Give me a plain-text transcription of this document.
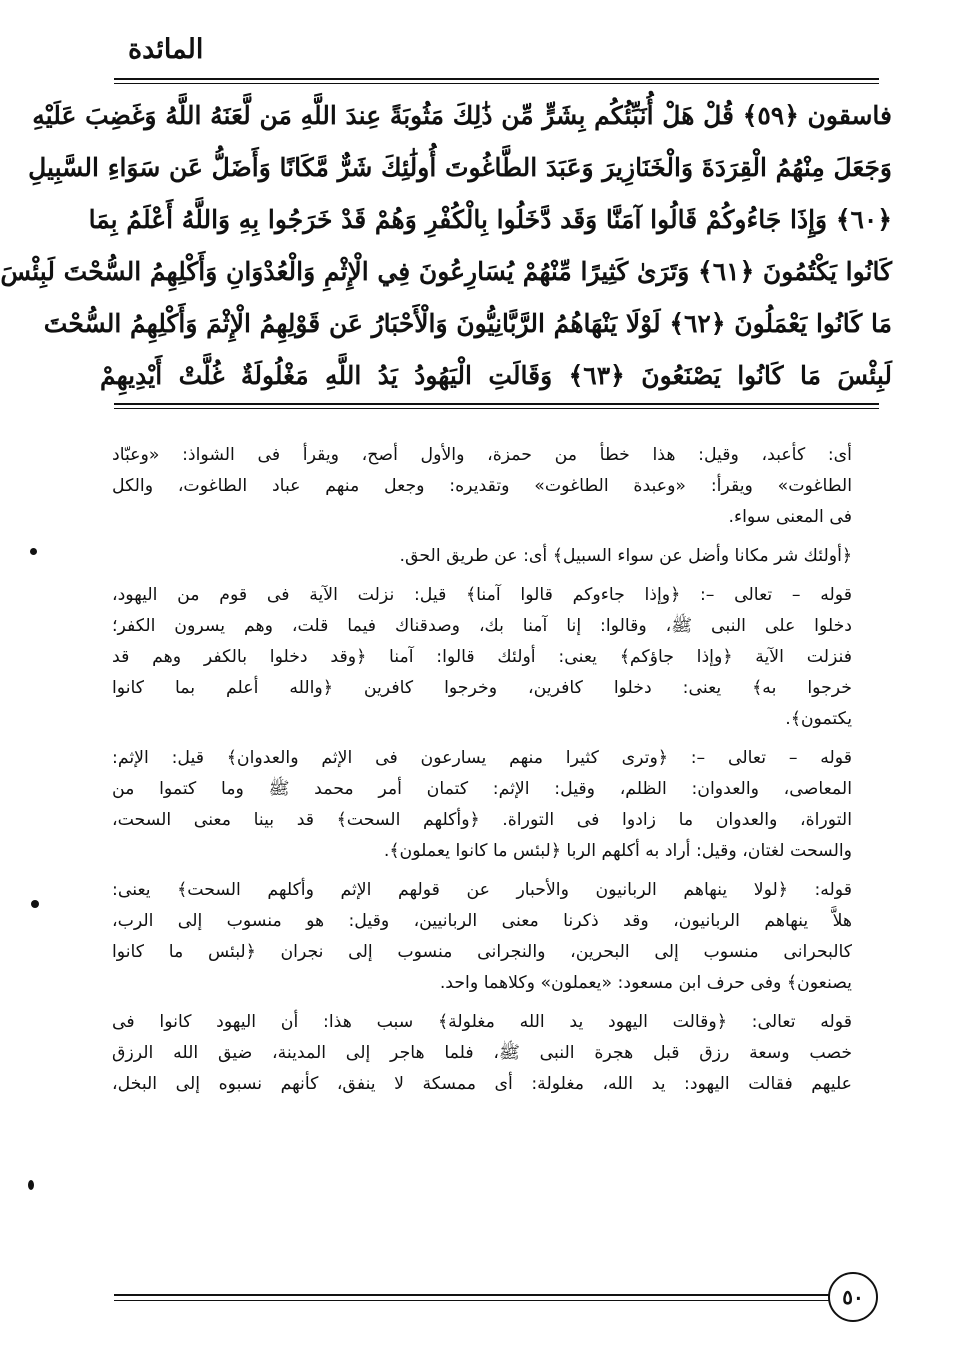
المائدة
فاسقون ﴿٥٩﴾ قُلْ هَلْ أُنَبِّئُكُم بِشَرٍّ مِّن ذَٰلِكَ مَثُوبَةً عِندَ اللَّهِ مَن لَّعَنَهُ اللَّهُ وَغَضِبَ عَلَيْهِ
وَجَعَلَ مِنْهُمُ الْقِرَدَةَ وَالْخَنَازِيرَ وَعَبَدَ الطَّاغُوتَ أُولَٰئِكَ شَرٌّ مَّكَانًا وَأَضَلُّ عَن سَوَاءِ السَّبِيلِ
﴿٦٠﴾ وَإِذَا جَاءُوكُمْ قَالُوا آمَنَّا وَقَد دَّخَلُوا بِالْكُفْرِ وَهُمْ قَدْ خَرَجُوا بِهِ وَاللَّهُ أَعْلَمُ بِمَا
كَانُوا يَكْتُمُونَ ﴿٦١﴾ وَتَرَىٰ كَثِيرًا مِّنْهُمْ يُسَارِعُونَ فِي الْإِثْمِ وَالْعُدْوَانِ وَأَكْلِهِمُ السُّحْتَ لَبِئْسَ
مَا كَانُوا يَعْمَلُونَ ﴿٦٢﴾ لَوْلَا يَنْهَاهُمُ الرَّبَّانِيُّونَ وَالْأَحْبَارُ عَن قَوْلِهِمُ الْإِثْمَ وَأَكْلِهِمُ السُّحْتَ
لَبِئْسَ مَا كَانُوا يَصْنَعُونَ ﴿٦٣﴾ وَقَالَتِ الْيَهُودُ يَدُ اللَّهِ مَغْلُولَةٌ غُلَّتْ أَيْدِيهِمْ
أى: كأعبد، وقيل: هذا خطأ من حمزة، والأول أصح، ويقرأ فى الشواذ: «وعبّاد
الطاغوت» ويقرأ: «وعبدة الطاغوت» وتقديره: وجعل منهم عباد الطاغوت، والكل
فى المعنى سواء.
﴿أولئك شر مكانا وأضل عن سواء السبيل﴾ أى: عن طريق الحق.
قوله – تعالى –: ﴿وإذا جاءوكم قالوا آمنا﴾ قيل: نزلت الآية فى قوم من اليهود،
دخلوا على النبى ﷺ، وقالوا: إنا آمنا بك، وصدقناك فيما قلت، وهم يسرون الكفر؛
فنزلت الآية ﴿وإذا جاؤكم﴾ يعنى: أولئك قالوا: آمنا ﴿وقد دخلوا بالكفر وهم قد
خرجوا به﴾ يعنى: دخلوا كافرين، وخرجوا كافرين ﴿والله أعلم بما كانوا
يكتمون﴾.
قوله – تعالى –: ﴿وترى كثيرا منهم يسارعون فى الإثم والعدوان﴾ قيل: الإثم:
المعاصى، والعدوان: الظلم، وقيل: الإثم: كتمان أمر محمد ﷺ وما كتموا من
التوراة، والعدوان ما زادوا فى التوراة. ﴿وأكلهم السحت﴾ قد بينا معنى السحت،
والسحت لغتان، وقيل: أراد به أكلهم الربا ﴿لبئس ما كانوا يعملون﴾.
قوله: ﴿لولا ينهاهم الربانيون والأحبار عن قولهم الإثم وأكلهم السحت﴾ يعنى:
هلاَّ ينهاهم الربانيون، وقد ذكرنا معنى الربانيين، وقيل: هو منسوب إلى الرب،
كالبحرانى منسوب إلى البحرين، والنجرانى منسوب إلى نجران ﴿لبئس ما كانوا
يصنعون﴾ وفى حرف ابن مسعود: «يعملون» وكلاهما واحد.
قوله تعالى: ﴿وقالت اليهود يد الله مغلولة﴾ سبب هذا: أن اليهود كانوا فى
خصب وسعة رزق قبل هجرة النبى ﷺ، فلما هاجر إلى المدينة، ضيق الله الرزق
عليهم فقالت اليهود: يد الله، مغلولة: أى ممسكة لا ينفق، كأنهم نسبوه إلى البخل،
٥٠
